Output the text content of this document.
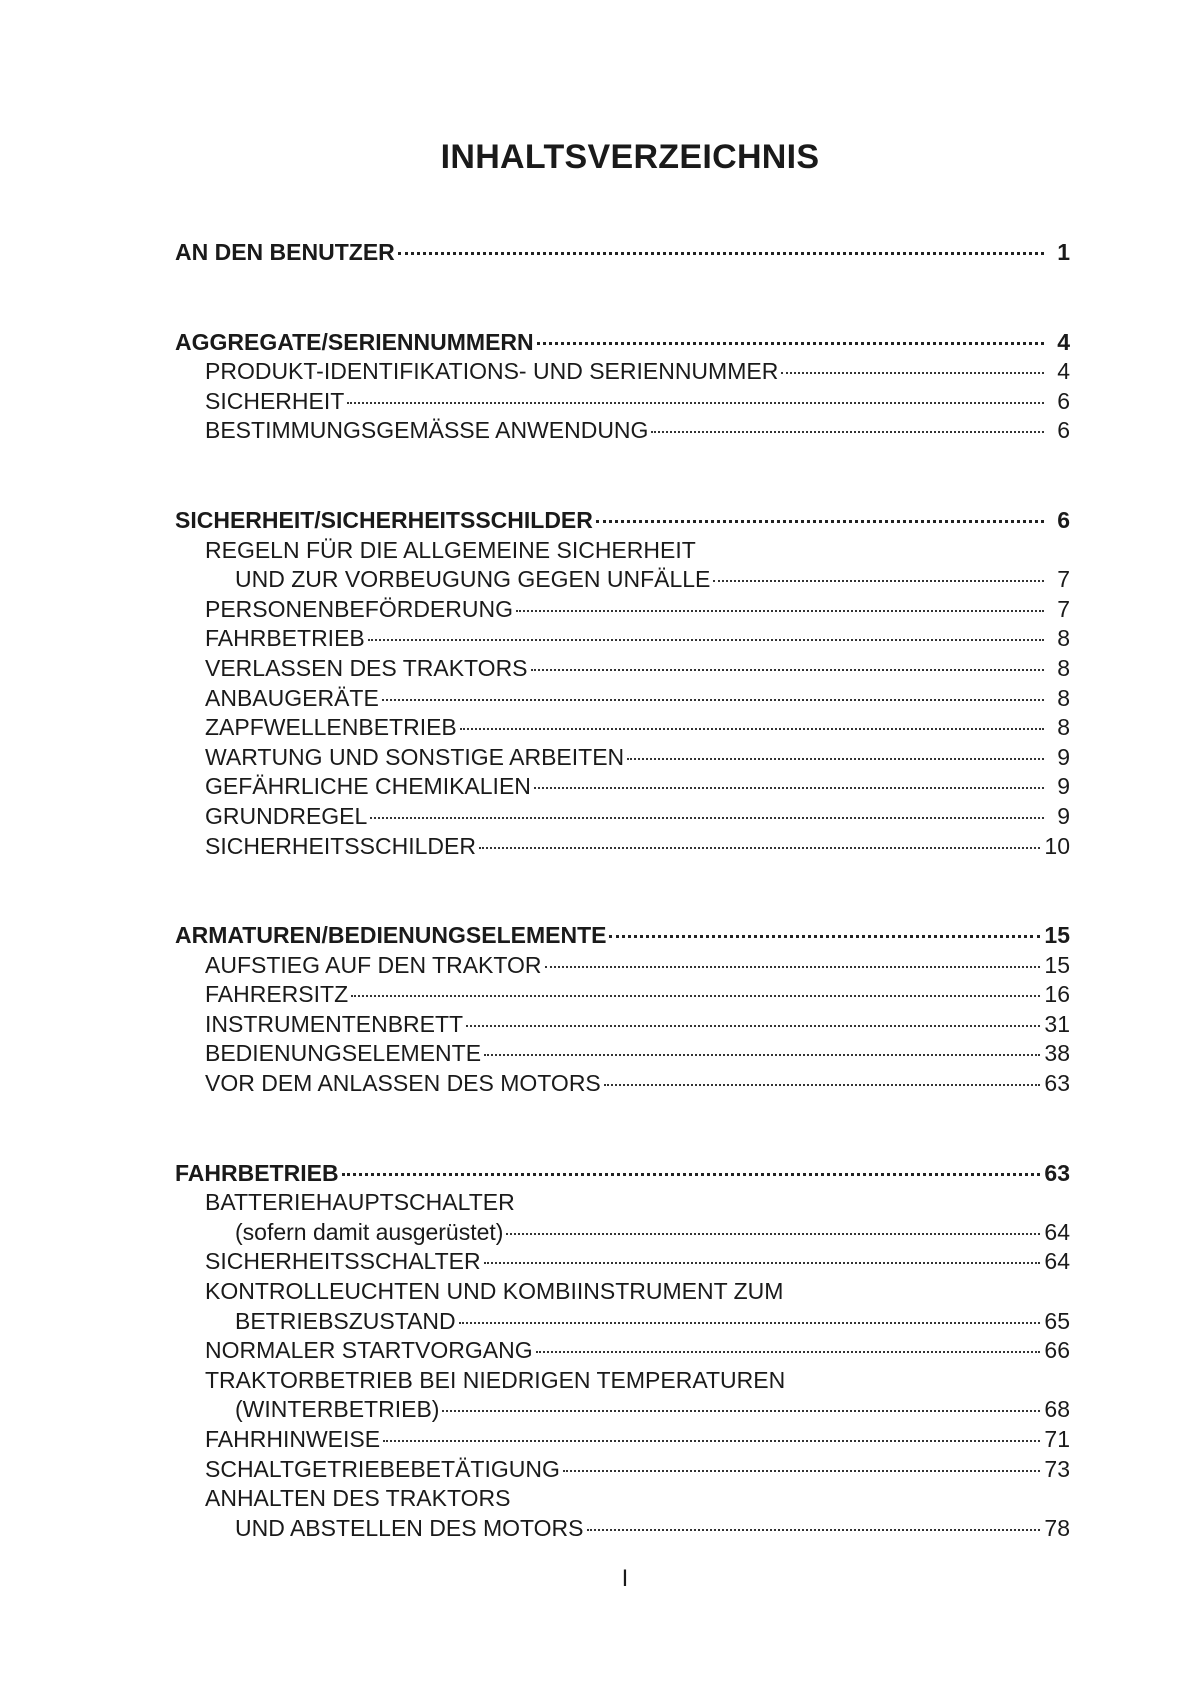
INHALTSVERZEICHNIS
AN DEN BENUTZER	1
AGGREGATE/SERIENNUMMERN	4
PRODUKT-IDENTIFIKATIONS- UND SERIENNUMMER	4
SICHERHEIT	6
BESTIMMUNGSGEMÄSSE ANWENDUNG	6
SICHERHEIT/SICHERHEITSSCHILDER	6
REGELN FÜR DIE ALLGEMEINE SICHERHEIT
UND ZUR VORBEUGUNG GEGEN UNFÄLLE	7
PERSONENBEFÖRDERUNG	7
FAHRBETRIEB	8
VERLASSEN DES TRAKTORS	8
ANBAUGERÄTE	8
ZAPFWELLENBETRIEB	8
WARTUNG UND SONSTIGE ARBEITEN	9
GEFÄHRLICHE CHEMIKALIEN	9
GRUNDREGEL	9
SICHERHEITSSCHILDER	10
ARMATUREN/BEDIENUNGSELEMENTE	15
AUFSTIEG AUF DEN TRAKTOR	15
FAHRERSITZ	16
INSTRUMENTENBRETT	31
BEDIENUNGSELEMENTE	38
VOR DEM ANLASSEN DES MOTORS	63
FAHRBETRIEB	63
BATTERIEHAUPTSCHALTER
(sofern damit ausgerüstet)	64
SICHERHEITSSCHALTER	64
KONTROLLEUCHTEN UND KOMBIINSTRUMENT ZUM
BETRIEBSZUSTAND	65
NORMALER STARTVORGANG	66
TRAKTORBETRIEB BEI NIEDRIGEN TEMPERATUREN
(WINTERBETRIEB)	68
FAHRHINWEISE	71
SCHALTGETRIEBEBETÄTIGUNG	73
ANHALTEN DES TRAKTORS
UND ABSTELLEN DES MOTORS	78
I
